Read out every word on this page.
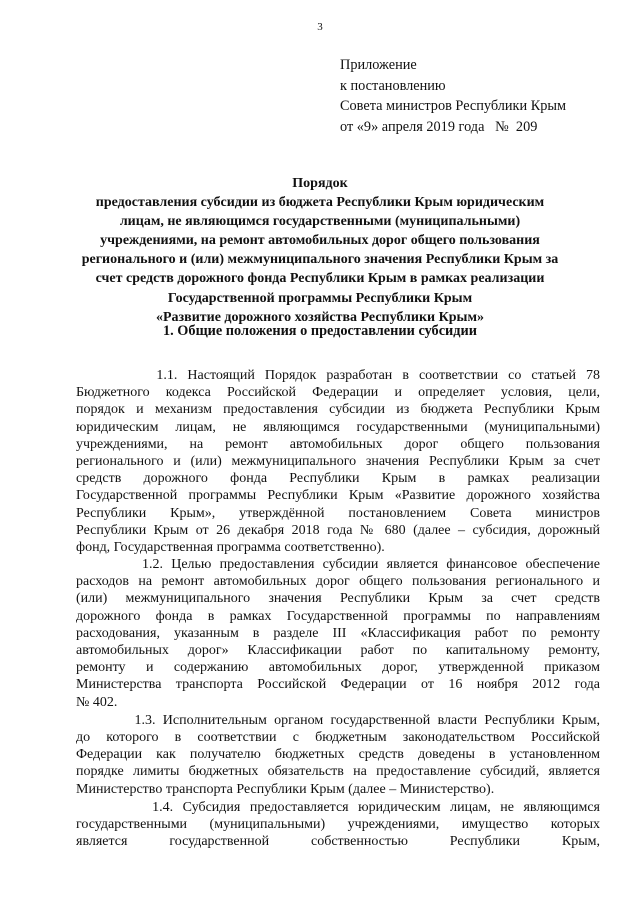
3
Приложение
к постановлению
Совета министров Республики Крым
от «9» апреля 2019 года   №  209
Порядок
предоставления субсидии из бюджета Республики Крым юридическим
лицам, не являющимся государственными (муниципальными)
учреждениями, на ремонт автомобильных дорог общего пользования
регионального и (или) межмуниципального значения Республики Крым за
счет средств дорожного фонда Республики Крым в рамках реализации
Государственной программы Республики Крым
«Развитие дорожного хозяйства Республики Крым»
1. Общие положения о предоставлении субсидии
1.1. Настоящий Порядок разработан в соответствии со статьей 78
Бюджетного кодекса Российской Федерации и определяет условия, цели,
порядок и механизм предоставления субсидии из бюджета Республики Крым
юридическим лицам, не являющимся государственными (муниципальными)
учреждениями, на ремонт автомобильных дорог общего пользования
регионального и (или) межмуниципального значения Республики Крым за счет
средств дорожного фонда Республики Крым в рамках реализации
Государственной программы Республики Крым «Развитие дорожного хозяйства
Республики Крым», утверждённой постановлением Совета министров
Республики Крым от 26 декабря 2018 года № 680 (далее – субсидия, дорожный
фонд, Государственная программа соответственно).
1.2. Целью предоставления субсидии является финансовое обеспечение
расходов на ремонт автомобильных дорог общего пользования регионального и
(или) межмуниципального значения Республики Крым за счет средств
дорожного фонда в рамках Государственной программы по направлениям
расходования, указанным в разделе III «Классификация работ по ремонту
автомобильных дорог» Классификации работ по капитальному ремонту,
ремонту и содержанию автомобильных дорог, утвержденной приказом
Министерства транспорта Российской Федерации от 16 ноября 2012 года
№ 402.
1.3. Исполнительным органом государственной власти Республики Крым,
до которого в соответствии с бюджетным законодательством Российской
Федерации как получателю бюджетных средств доведены в установленном
порядке лимиты бюджетных обязательств на предоставление субсидий, является
Министерство транспорта Республики Крым (далее – Министерство).
1.4. Субсидия предоставляется юридическим лицам, не являющимся
государственными (муниципальными) учреждениями, имущество которых
является государственной собственностью Республики Крым,
